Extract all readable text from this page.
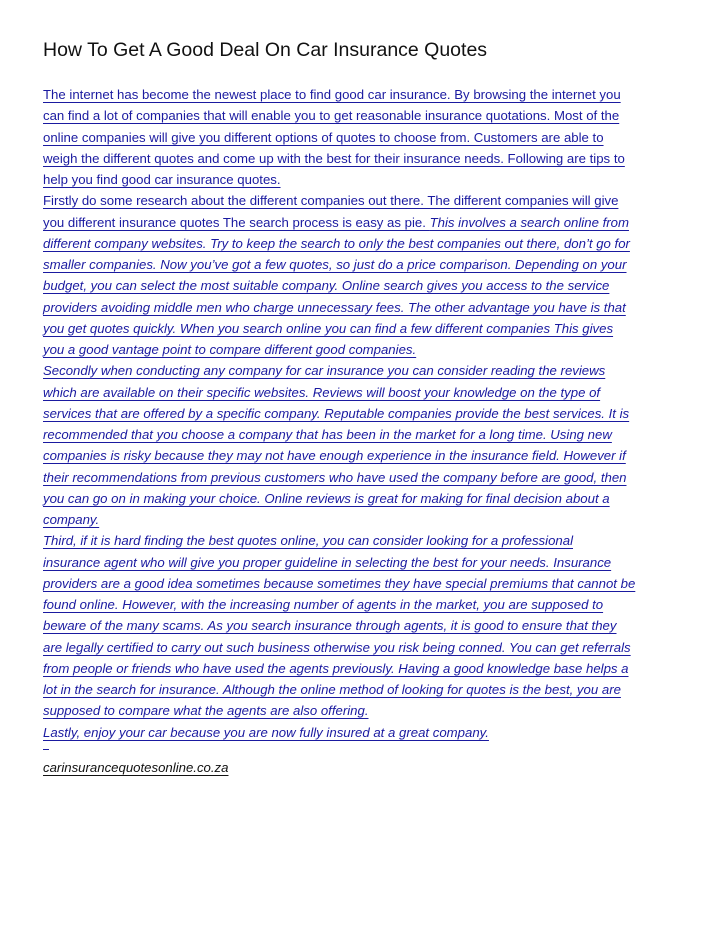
How To Get A Good Deal On Car Insurance Quotes
The internet has become the newest place to find good car insurance. By browsing the internet you
can find a lot of companies that will enable you to get reasonable insurance quotations. Most of the
online companies will give you different options of quotes to choose from. Customers are able to
weigh the different quotes and come up with the best for their insurance needs. Following are tips to
help you find good car insurance quotes.
Firstly do some research about the different companies out there. The different companies will give
you different insurance quotes The search process is easy as pie. This involves a search online from
different company websites. Try to keep the search to only the best companies out there, don’t go for
smaller companies. Now you’ve got a few quotes, so just do a price comparison. Depending on your
budget, you can select the most suitable company. Online search gives you access to the service
providers avoiding middle men who charge unnecessary fees. The other advantage you have is that
you get quotes quickly. When you search online you can find a few different companies This gives
you a good vantage point to compare different good companies.
Secondly when conducting any company for car insurance you can consider reading the reviews
which are available on their specific websites. Reviews will boost your knowledge on the type of
services that are offered by a specific company. Reputable companies provide the best services. It is
recommended that you choose a company that has been in the market for a long time. Using new
companies is risky because they may not have enough experience in the insurance field. However if
their recommendations from previous customers who have used the company before are good, then
you can go on in making your choice. Online reviews is great for making for final decision about a
company.
Third, if it is hard finding the best quotes online, you can consider looking for a professional
insurance agent who will give you proper guideline in selecting the best for your needs. Insurance
providers are a good idea sometimes because sometimes they have special premiums that cannot be
found online. However, with the increasing number of agents in the market, you are supposed to
beware of the many scams. As you search insurance through agents, it is good to ensure that they
are legally certified to carry out such business otherwise you risk being conned. You can get referrals
from people or friends who have used the agents previously. Having a good knowledge base helps a
lot in the search for insurance. Although the online method of looking for quotes is the best, you are
supposed to compare what the agents are also offering.
Lastly, enjoy your car because you are now fully insured at a great company.
carinsurancequotesonline.co.za
